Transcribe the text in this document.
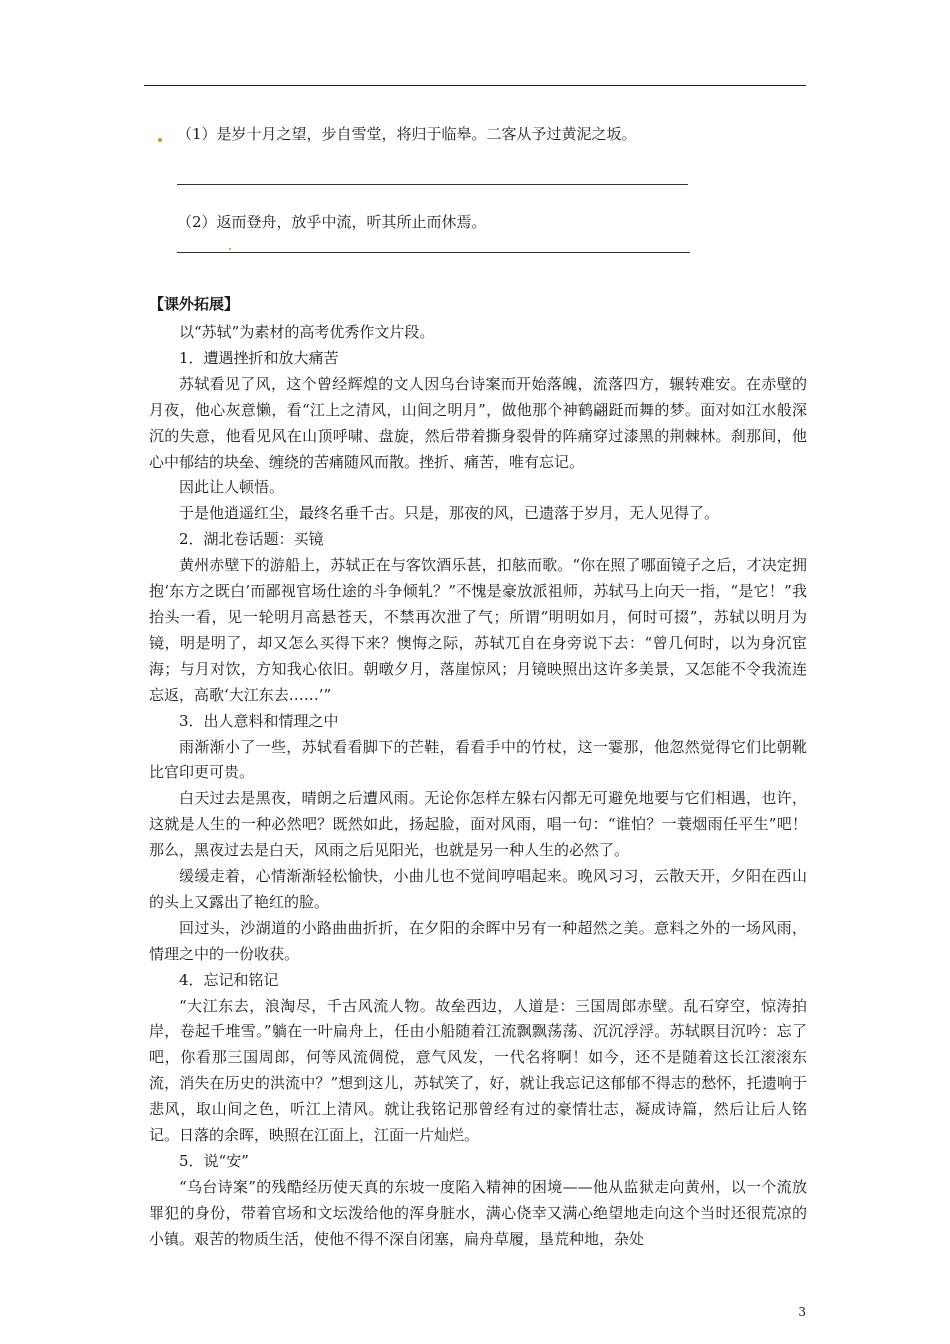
（1）是岁十月之望，步自雪堂，将归于临皋。二客从予过黄泥之坂。
（2）返而登舟，放乎中流，听其所止而休焉。
【课外拓展】

以“苏轼”为素材的高考优秀作文片段。

1．遭遇挫折和放大痛苦

苏轼看见了风，这个曾经辉煌的文人因乌台诗案而开始落魄，流落四方，辗转难安。在赤壁的月夜，他心灰意懒，看“江上之清风，山间之明月”，做他那个神鹤翩跹而舞的梦。面对如江水般深沉的失意，他看见风在山顶呼啸、盘旋，然后带着撕身裂骨的阵痛穿过漆黑的荆棘林。刹那间，他心中郁结的块垒、缠绕的苦痛随风而散。挫折、痛苦，唯有忘记。

因此让人顿悟。

于是他逍遥红尘，最终名垂千古。只是，那夜的风，已遗落于岁月，无人见得了。

2．湖北卷话题：买镜

黄州赤壁下的游船上，苏轼正在与客饮酒乐甚，扣舷而歌。“你在照了哪面镜子之后，才决定拥抱‘东方之既白’而鄙视官场仕途的斗争倾轧？”不愧是豪放派祖师，苏轼马上向天一指，“是它！”我抬头一看，见一轮明月高悬苍天，不禁再次泄了气；所谓“明明如月，何时可掇”，苏轼以明月为镜，明是明了，却又怎么买得下来？懊悔之际，苏轼兀自在身旁说下去：“曾几何时，以为身沉宦海；与月对饮，方知我心依旧。朝暾夕月，落崖惊风；月镜映照出这许多美景，又怎能不令我流连忘返，高歌‘大江东去……’”

3．出人意料和情理之中

雨渐渐小了一些，苏轼看看脚下的芒鞋，看看手中的竹杖，这一霎那，他忽然觉得它们比朝靴比官印更可贵。

白天过去是黑夜，晴朗之后遭风雨。无论你怎样左躲右闪都无可避免地要与它们相遇，也许，这就是人生的一种必然吧？既然如此，扬起脸，面对风雨，唱一句：“谁怕？一蓑烟雨任平生”吧！那么，黑夜过去是白天，风雨之后见阳光，也就是另一种人生的必然了。

缓缓走着，心情渐渐轻松愉快，小曲儿也不觉间哼唱起来。晚风习习，云散天开，夕阳在西山的头上又露出了艳红的脸。

回过头，沙湖道的小路曲曲折折，在夕阳的余晖中另有一种超然之美。意料之外的一场风雨，情理之中的一份收获。

4．忘记和铭记

“大江东去，浪淘尽，千古风流人物。故垒西边，人道是：三国周郎赤壁。乱石穿空，惊涛拍岸，卷起千堆雪。”躺在一叶扁舟上，任由小船随着江流飘飘荡荡、沉沉浮浮。苏轼瞑目沉吟：忘了吧，你看那三国周郎，何等风流倜傥，意气风发，一代名将啊！如今，还不是随着这长江滚滚东流，消失在历史的洪流中？”想到这儿，苏轼笑了，好，就让我忘记这郁郁不得志的愁怀，托遗响于悲风，取山间之色，听江上清风。就让我铭记那曾经有过的豪情壮志，凝成诗篇，然后让后人铭记。日落的余晖，映照在江面上，江面一片灿烂。

5．说“安”

“乌台诗案”的残酷经历使天真的东坡一度陷入精神的困境——他从监狱走向黄州，以一个流放罪犯的身份，带着官场和文坛泼给他的浑身脏水，满心侥幸又满心绝望地走向这个当时还很荒凉的小镇。艰苦的物质生活，使他不得不深自闭塞，扁舟草履，垦荒种地，杂处

3
